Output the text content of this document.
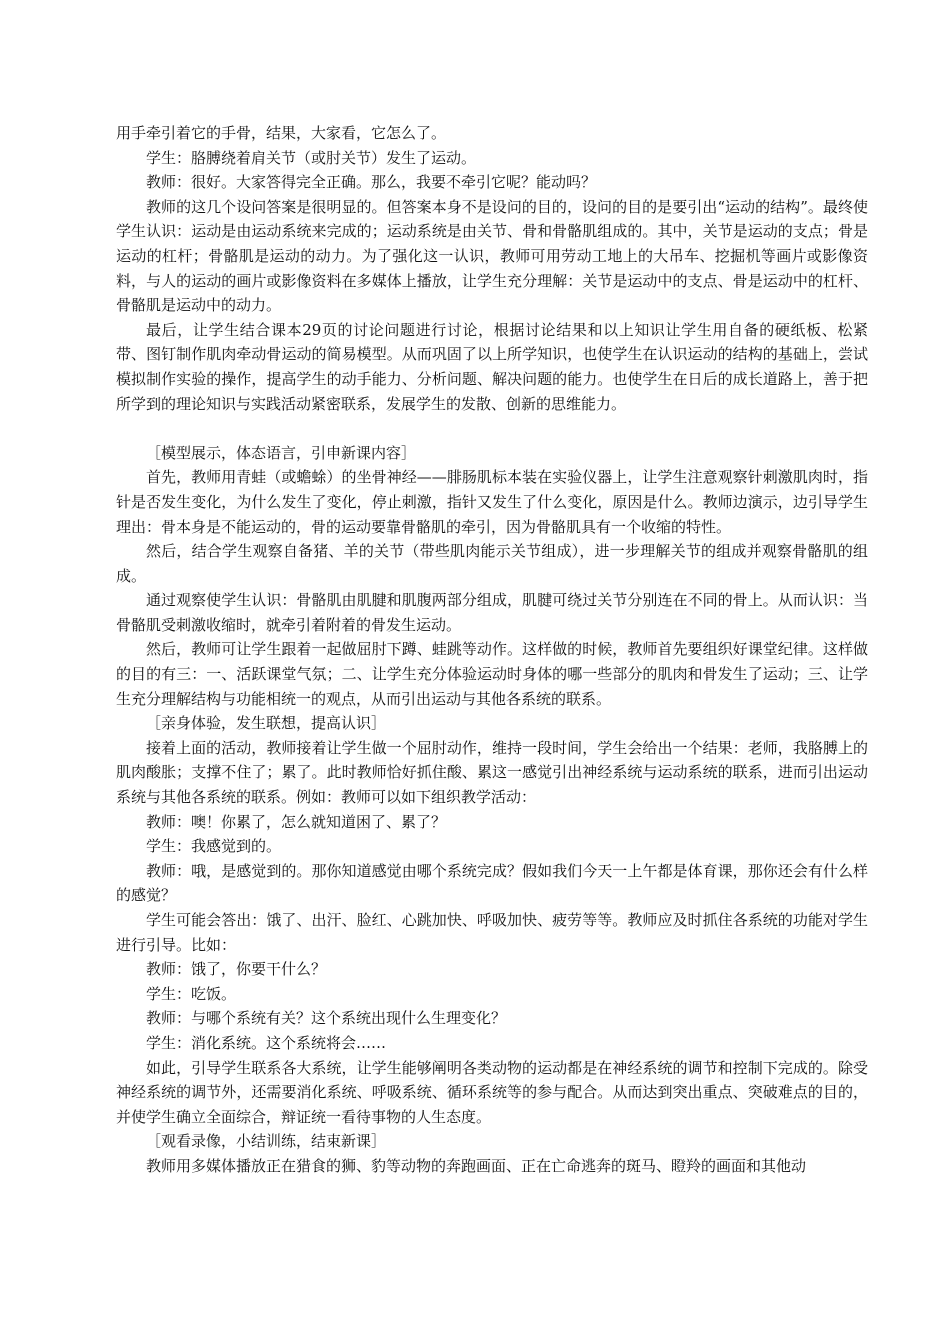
用手牵引着它的手骨，结果，大家看，它怎么了。

学生：胳膊绕着肩关节（或肘关节）发生了运动。

教师：很好。大家答得完全正确。那么，我要不牵引它呢？能动吗？

教师的这几个设问答案是很明显的。但答案本身不是设问的目的，设问的目的是要引出“运动的结构”。最终使学生认识：运动是由运动系统来完成的；运动系统是由关节、骨和骨骼肌组成的。其中，关节是运动的支点；骨是运动的杠杆；骨骼肌是运动的动力。为了强化这一认识，教师可用劳动工地上的大吊车、挖掘机等画片或影像资料，与人的运动的画片或影像资料在多媒体上播放，让学生充分理解：关节是运动中的支点、骨是运动中的杠杆、骨骼肌是运动中的动力。

最后，让学生结合课本29页的讨论问题进行讨论，根据讨论结果和以上知识让学生用自备的硬纸板、松紧带、图钉制作肌肉牵动骨运动的简易模型。从而巩固了以上所学知识，也使学生在认识运动的结构的基础上，尝试模拟制作实验的操作，提高学生的动手能力、分析问题、解决问题的能力。也使学生在日后的成长道路上，善于把所学到的理论知识与实践活动紧密联系，发展学生的发散、创新的思维能力。

［模型展示，体态语言，引申新课内容］

首先，教师用青蛙（或蟾蜍）的坐骨神经——腓肠肌标本装在实验仪器上，让学生注意观察针刺激肌肉时，指针是否发生变化，为什么发生了变化，停止刺激，指针又发生了什么变化，原因是什么。教师边演示，边引导学生理出：骨本身是不能运动的，骨的运动要靠骨骼肌的牵引，因为骨骼肌具有一个收缩的特性。

然后，结合学生观察自备猪、羊的关节（带些肌肉能示关节组成），进一步理解关节的组成并观察骨骼肌的组成。

通过观察使学生认识：骨骼肌由肌腱和肌腹两部分组成，肌腱可绕过关节分别连在不同的骨上。从而认识：当骨骼肌受刺激收缩时，就牵引着附着的骨发生运动。

然后，教师可让学生跟着一起做屈肘下蹲、蛙跳等动作。这样做的时候，教师首先要组织好课堂纪律。这样做的目的有三：一、活跃课堂气氛；二、让学生充分体验运动时身体的哪一些部分的肌肉和骨发生了运动；三、让学生充分理解结构与功能相统一的观点，从而引出运动与其他各系统的联系。

［亲身体验，发生联想，提高认识］

接着上面的活动，教师接着让学生做一个屈肘动作，维持一段时间，学生会给出一个结果：老师，我胳膊上的肌肉酸胀；支撑不住了；累了。此时教师恰好抓住酸、累这一感觉引出神经系统与运动系统的联系，进而引出运动系统与其他各系统的联系。例如：教师可以如下组织教学活动：

教师：噢！你累了，怎么就知道困了、累了？

学生：我感觉到的。

教师：哦，是感觉到的。那你知道感觉由哪个系统完成？假如我们今天一上午都是体育课，那你还会有什么样的感觉？

学生可能会答出：饿了、出汗、脸红、心跳加快、呼吸加快、疲劳等等。教师应及时抓住各系统的功能对学生进行引导。比如：

教师：饿了，你要干什么？

学生：吃饭。

教师：与哪个系统有关？这个系统出现什么生理变化？

学生：消化系统。这个系统将会……

如此，引导学生联系各大系统，让学生能够阐明各类动物的运动都是在神经系统的调节和控制下完成的。除受神经系统的调节外，还需要消化系统、呼吸系统、循环系统等的参与配合。从而达到突出重点、突破难点的目的，并使学生确立全面综合，辩证统一看待事物的人生态度。

［观看录像，小结训练，结束新课］

教师用多媒体播放正在猎食的狮、豹等动物的奔跑画面、正在亡命逃奔的斑马、瞪羚的画面和其他动
